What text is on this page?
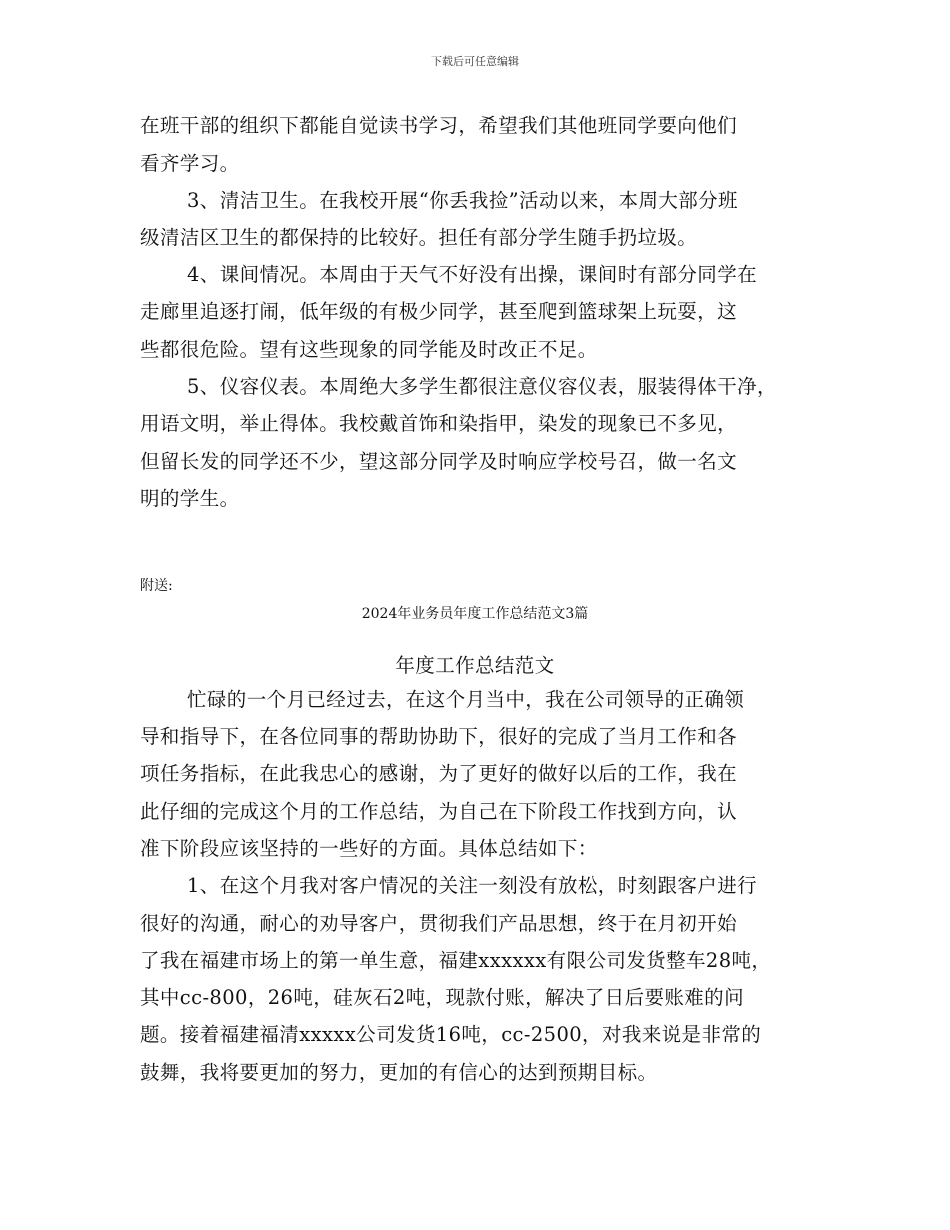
下载后可任意编辑
在班干部的组织下都能自觉读书学习，希望我们其他班同学要向他们
看齐学习。
3、清洁卫生。在我校开展“你丢我捡”活动以来，本周大部分班
级清洁区卫生的都保持的比较好。担任有部分学生随手扔垃圾。
4、课间情况。本周由于天气不好没有出操，课间时有部分同学在
走廊里追逐打闹，低年级的有极少同学，甚至爬到篮球架上玩耍，这
些都很危险。望有这些现象的同学能及时改正不足。
5、仪容仪表。本周绝大多学生都很注意仪容仪表，服装得体干净，
用语文明，举止得体。我校戴首饰和染指甲，染发的现象已不多见，
但留长发的同学还不少，望这部分同学及时响应学校号召，做一名文
明的学生。
附送:
2024年业务员年度工作总结范文3篇
年度工作总结范文
忙碌的一个月已经过去，在这个月当中，我在公司领导的正确领
导和指导下，在各位同事的帮助协助下，很好的完成了当月工作和各
项任务指标，在此我忠心的感谢，为了更好的做好以后的工作，我在
此仔细的完成这个月的工作总结，为自己在下阶段工作找到方向，认
准下阶段应该坚持的一些好的方面。具体总结如下：
1、在这个月我对客户情况的关注一刻没有放松，时刻跟客户进行
很好的沟通，耐心的劝导客户，贯彻我们产品思想，终于在月初开始
了我在福建市场上的第一单生意，福建xxxxxx有限公司发货整车28吨，
其中cc-800，26吨，硅灰石2吨，现款付账，解决了日后要账难的问
题。接着福建福清xxxxx公司发货16吨，cc-2500，对我来说是非常的
鼓舞，我将要更加的努力，更加的有信心的达到预期目标。
